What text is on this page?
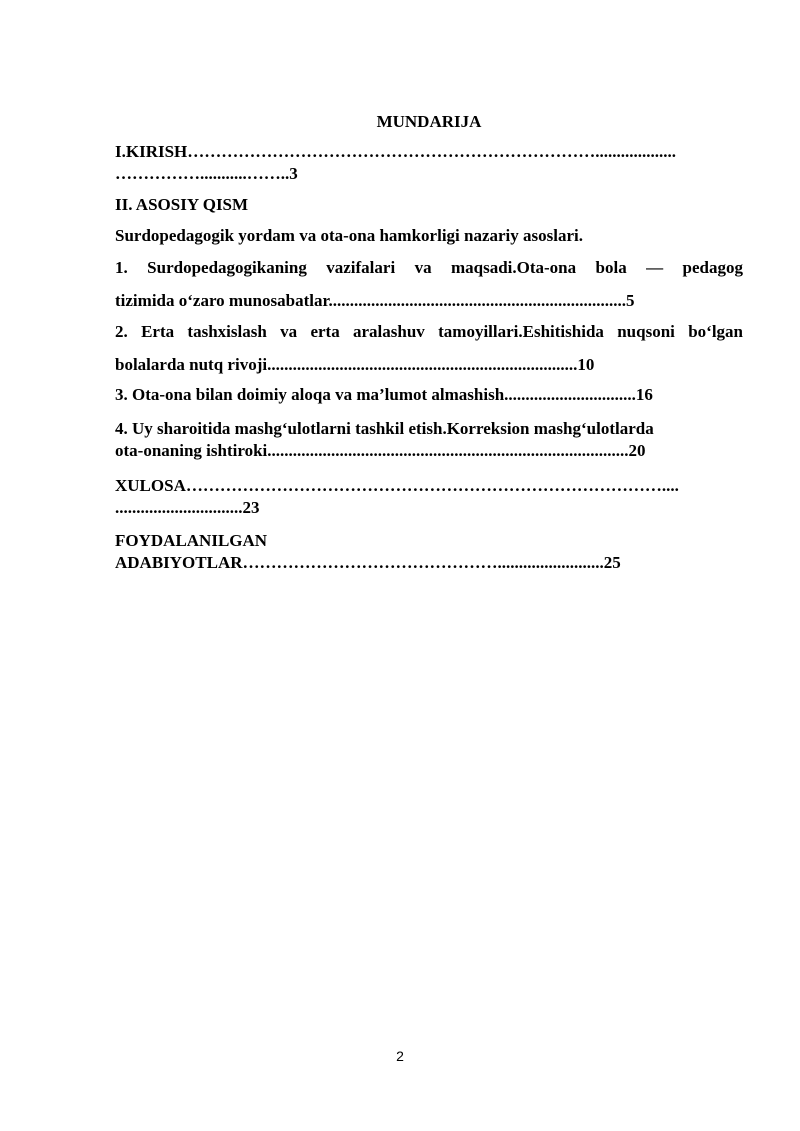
MUNDARIJA
I.KIRISH………………………………………………………………...................
……………...........……..3
II. ASOSIY QISM
Surdopedagogik yordam va ota-ona hamkorligi nazariy asoslari.
1. Surdopedagogikaning vazifalari va maqsadi.Ota-ona bola — pedagog
tizimida o‘zaro munosabatlar......................................................................5
2. Erta tashxislash va erta aralashuv tamoyillari.Eshitishida nuqsoni bo‘lgan
bolalarda nutq rivoji.........................................................................10
3. Ota-ona bilan doimiy aloqa va ma’lumot almashish...............................16
4. Uy sharoitida mashg‘ulotlarni tashkil etish.Korreksion mashg‘ulotlarda
ota-onaning ishtiroki.....................................................................................20
XULOSA…………………………………………………………………………....
..............................23
FOYDALANILGAN
ADABIYOTLAR……………………………………….........................25
2
